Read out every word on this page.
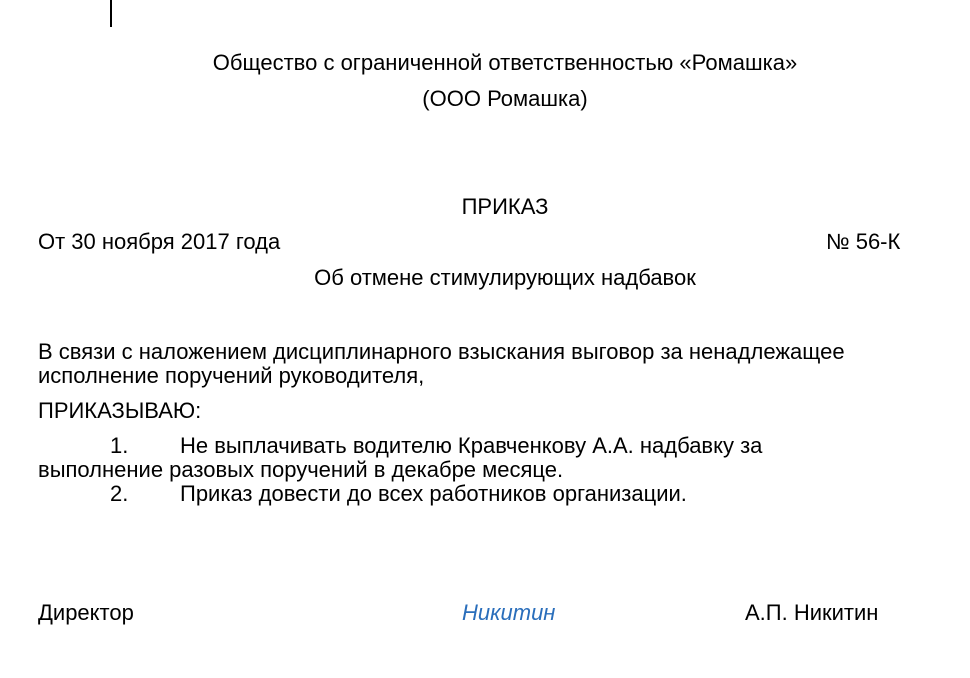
Общество с ограниченной ответственностью «Ромашка»
(ООО Ромашка)
ПРИКАЗ
От 30 ноября 2017 года	№ 56-К
Об отмене стимулирующих надбавок
В связи с наложением дисциплинарного взыскания выговор за ненадлежащее
исполнение поручений руководителя,
ПРИКАЗЫВАЮ:
1. Не выплачивать водителю Кравченкову А.А. надбавку за
выполнение разовых поручений в декабре месяце.
2. Приказ довести до всех работников организации.
Директор	Никитин	А.П. Никитин
